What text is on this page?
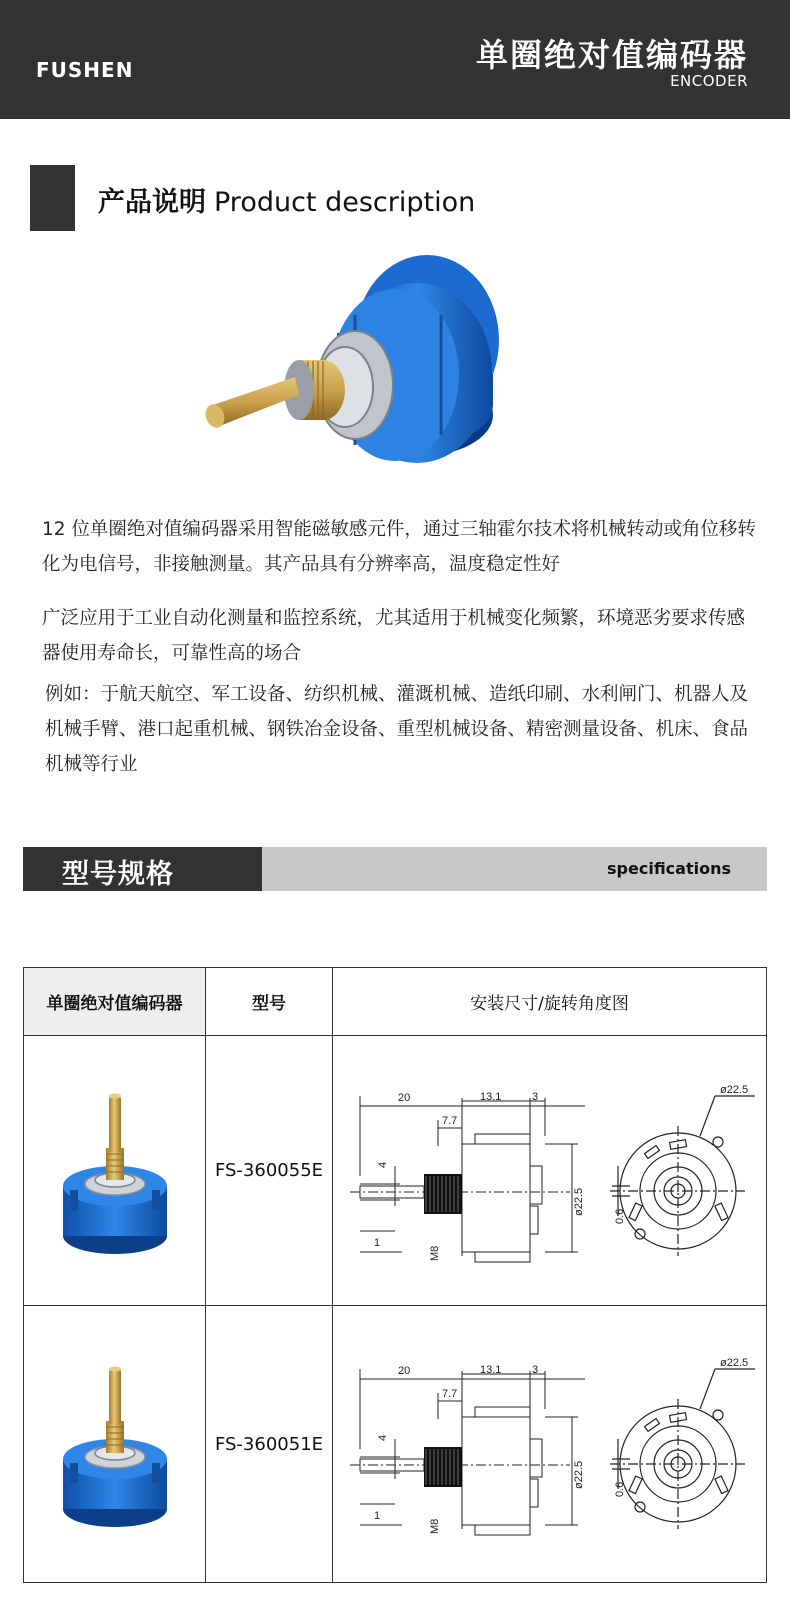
FUSHEN	单圈绝对值编码器
ENCODER
产品说明 Product description
12 位单圈绝对值编码器采用智能磁敏感元件，通过三轴霍尔技术将机械转动或角位移转化为电信号，非接触测量。其产品具有分辨率高，温度稳定性好
广泛应用于工业自动化测量和监控系统，尤其适用于机械变化频繁，环境恶劣要求传感器使用寿命长，可靠性高的场合
例如：于航天航空、军工设备、纺织机械、灌溉机械、造纸印刷、水利闸门、机器人及机械手臂、港口起重机械、钢铁冶金设备、重型机械设备、精密测量设备、机床、食品机械等行业
型号规格	specifications
单圈绝对值编码器	型号	安装尺寸/旋转角度图
FS-360055E
20	13.1	3
7.7
4
1
M8
ø22.5
ø22.5
0.6
FS-360051E
20	13.1	3
7.7
4
1
M8
ø22.5
ø22.5
0.6
